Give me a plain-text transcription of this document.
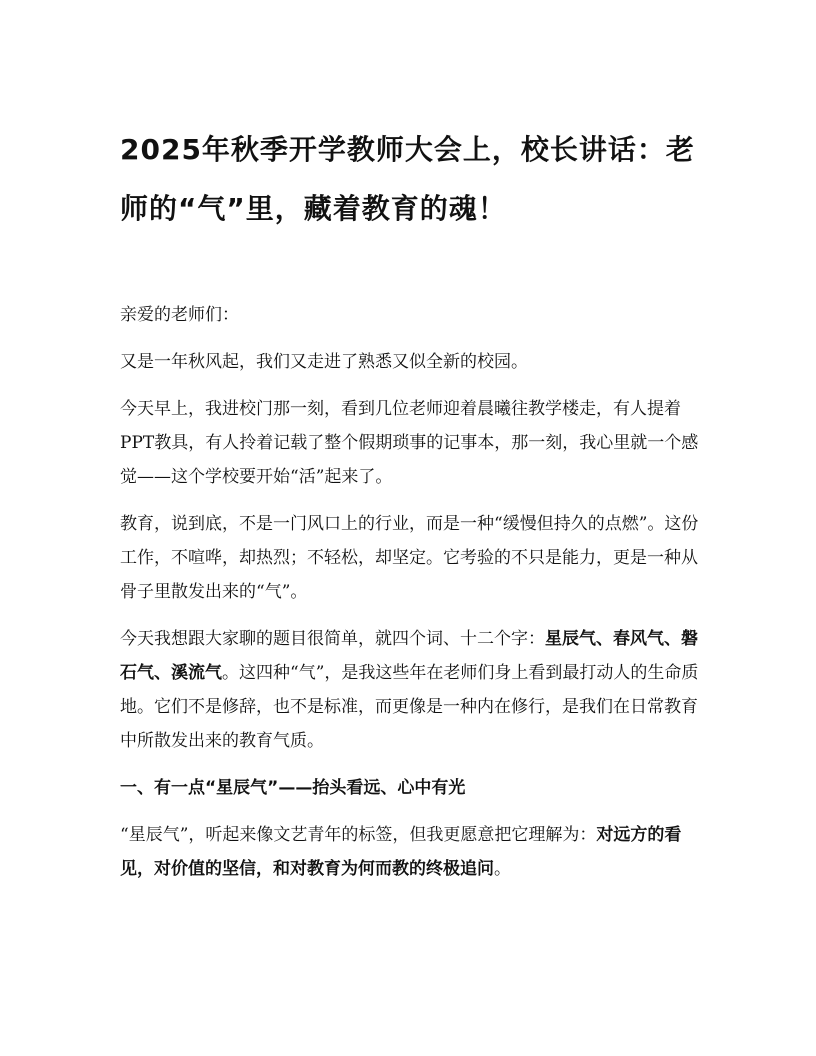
2025年秋季开学教师大会上，校长讲话：老师的“气”里，藏着教育的魂！

亲爱的老师们：

又是一年秋风起，我们又走进了熟悉又似全新的校园。

今天早上，我进校门那一刻，看到几位老师迎着晨曦往教学楼走，有人提着PPT教具，有人拎着记载了整个假期琐事的记事本，那一刻，我心里就一个感觉——这个学校要开始“活”起来了。

教育，说到底，不是一门风口上的行业，而是一种“缓慢但持久的点燃”。这份工作，不喧哗，却热烈；不轻松，却坚定。它考验的不只是能力，更是一种从骨子里散发出来的“气”。

今天我想跟大家聊的题目很简单，就四个词、十二个字：星辰气、春风气、磐石气、溪流气。这四种“气”，是我这些年在老师们身上看到最打动人的生命质地。它们不是修辞，也不是标准，而更像是一种内在修行，是我们在日常教育中所散发出来的教育气质。

一、有一点“星辰气”——抬头看远、心中有光

“星辰气”，听起来像文艺青年的标签，但我更愿意把它理解为：对远方的看见，对价值的坚信，和对教育为何而教的终极追问。
